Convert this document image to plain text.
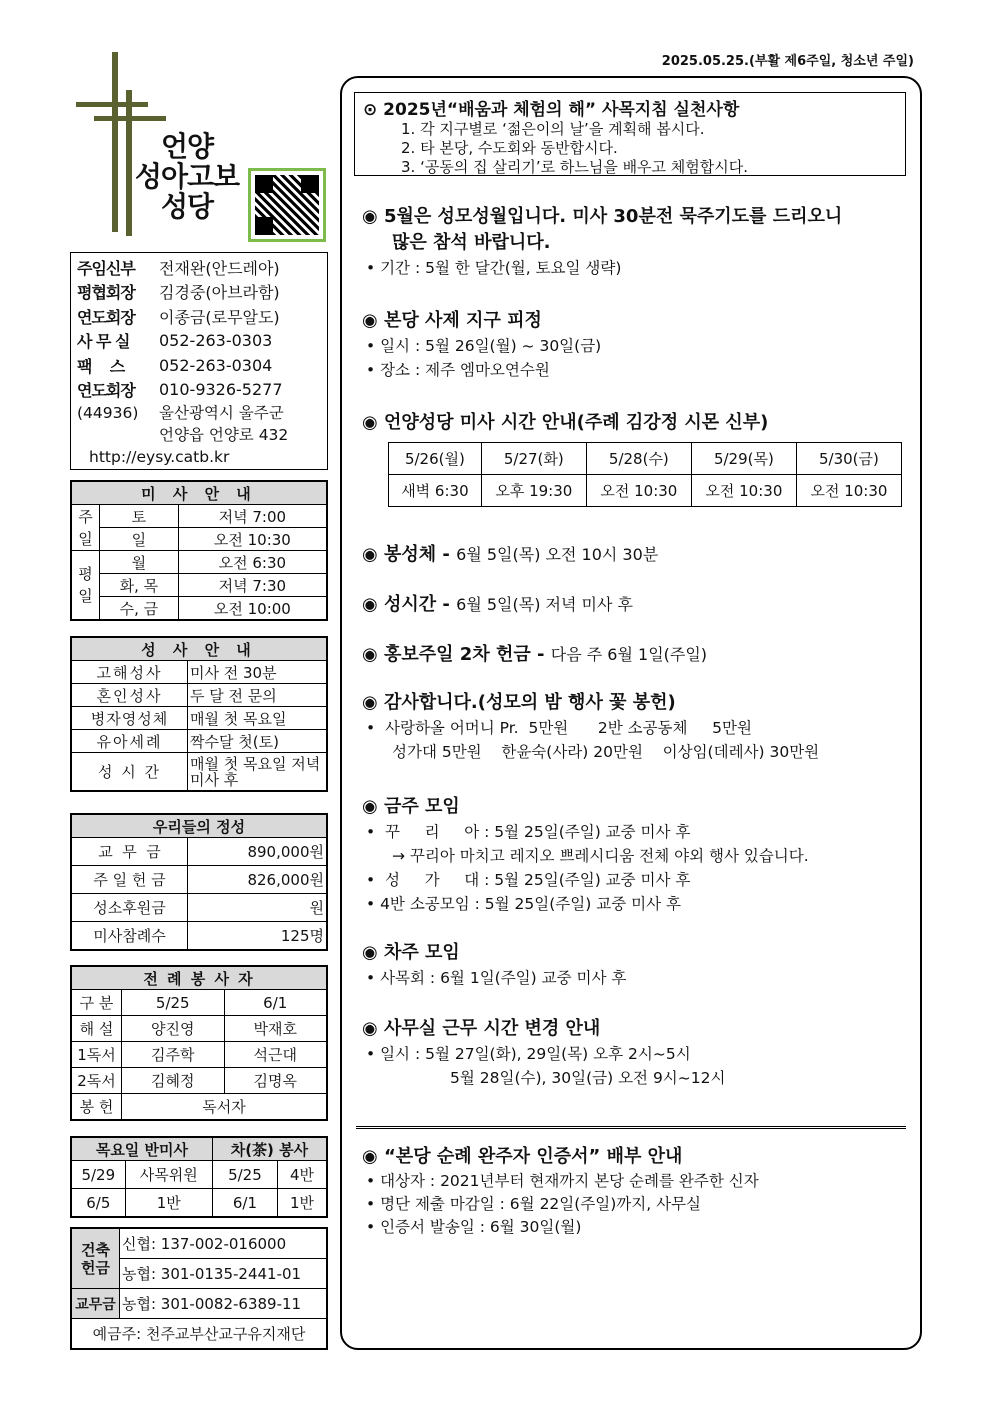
2025.05.25.(부활 제6주일, 청소년 주일)
언양
성아고보
성당
주임신부	전재완(안드레아)
평협회장	김경중(아브라함)
연도회장	이종금(로무알도)
사 무 실	052-263-0303
팩    스	052-263-0304
연도회장	010-9326-5277
(44936)	울산광역시 울주군
언양읍 언양로 432
http://eysy.catb.kr
미 사 안 내		

주
일	토	저녁 7:00
	일	오전 10:30

평
일	월	오전 6:30
	화, 목	저녁 7:30
	수, 금	오전 10:00
성 사 안 내	
고해성사	미사 전 30분
혼인성사	두 달 전 문의
병자영성체	매월 첫 목요일
유아세례	짝수달 첫(토)
성 시 간	매월 첫 목요일 저녁미사 후
우리들의 정성	
교  무  금	890,000원
주 일 헌 금	826,000원
성소후원금	원
미사참례수	125명
전 례 봉 사 자		
구 분	5/25	6/1
해 설	양진영	박재호
1독서	김주학	석근대
2독서	김혜정	김명옥
봉 헌	독서자	
목요일 반미사		차(茶) 봉사	
5/29	사목위원	5/25	4반
6/5	1반	6/1	1반
건축
헌금	신협: 137-002-016000
	농협: 301-0135-2441-01
교무금	농협: 301-0082-6389-11
예금주: 천주교부산교구유지재단	
⊙ 2025년“배움과 체험의 해” 사목지침 실천사항
1. 각 지구별로 ‘젊은이의 날’을 계획해 봅시다.
2. 타 본당, 수도회와 동반합시다.
3. ‘공동의 집 살리기’로 하느님을 배우고 체험합시다.
◉ 5월은 성모성월입니다. 미사 30분전 묵주기도를 드리오니
많은 참석 바랍니다.
• 기간 : 5월 한 달간(월, 토요일 생략)
◉ 본당 사제 지구 피정
• 일시 : 5월 26일(월) ~ 30일(금)
• 장소 : 제주 엠마오연수원
◉ 언양성당 미사 시간 안내(주례 김강정 시몬 신부)
5/26(월)	5/27(화)	5/28(수)	5/29(목)	5/30(금)
새벽 6:30	오후 19:30	오전 10:30	오전 10:30	오전 10:30
◉ 봉성체 - 6월 5일(목) 오전 10시 30분
◉ 성시간 - 6월 5일(목) 저녁 미사 후
◉ 홍보주일 2차 헌금 - 다음 주 6월 1일(주일)
◉ 감사합니다.(성모의 밤 행사 꽃 봉헌)
•  사랑하올 어머니 Pr.  5만원      2반 소공동체     5만원
성가대 5만원    한윤숙(사라) 20만원    이상임(데레사) 30만원
◉ 금주 모임
•  꾸     리     아 : 5월 25일(주일) 교중 미사 후
→ 꾸리아 마치고 레지오 쁘레시디움 전체 야외 행사 있습니다.
•  성     가     대 : 5월 25일(주일) 교중 미사 후
• 4반 소공모임 : 5월 25일(주일) 교중 미사 후
◉ 차주 모임
• 사목회 : 6월 1일(주일) 교중 미사 후
◉ 사무실 근무 시간 변경 안내
• 일시 : 5월 27일(화), 29일(목) 오후 2시~5시
5월 28일(수), 30일(금) 오전 9시~12시
◉ “본당 순례 완주자 인증서” 배부 안내
• 대상자 : 2021년부터 현재까지 본당 순례를 완주한 신자
• 명단 제출 마감일 : 6월 22일(주일)까지, 사무실
• 인증서 발송일 : 6월 30일(월)
